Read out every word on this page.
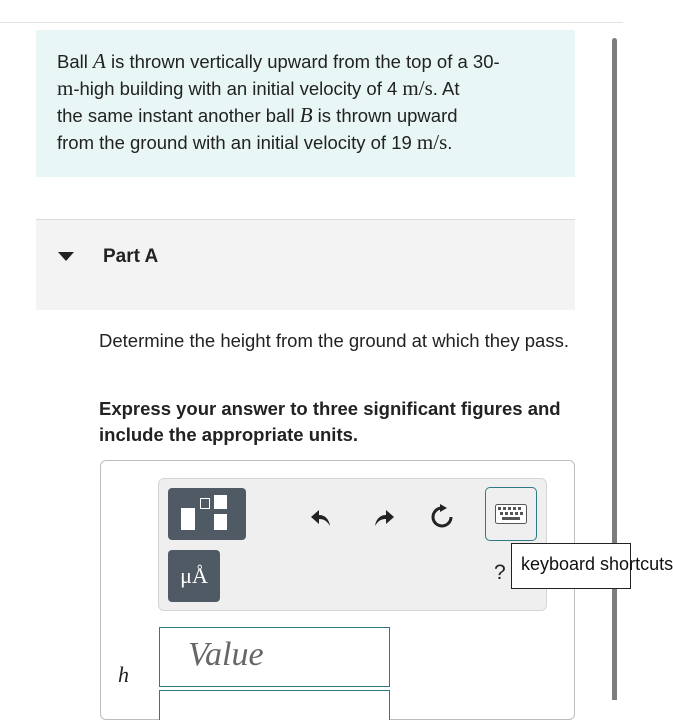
Ball A is thrown vertically upward from the top of a 30-
m-high building with an initial velocity of 4 m/s. At
the same instant another ball B is thrown upward
from the ground with an initial velocity of 19 m/s.
Part A
Determine the height from the ground at which they pass.
Express your answer to three significant figures and include the appropriate units.
μÅ	? keyboard shortcuts
h
Value
